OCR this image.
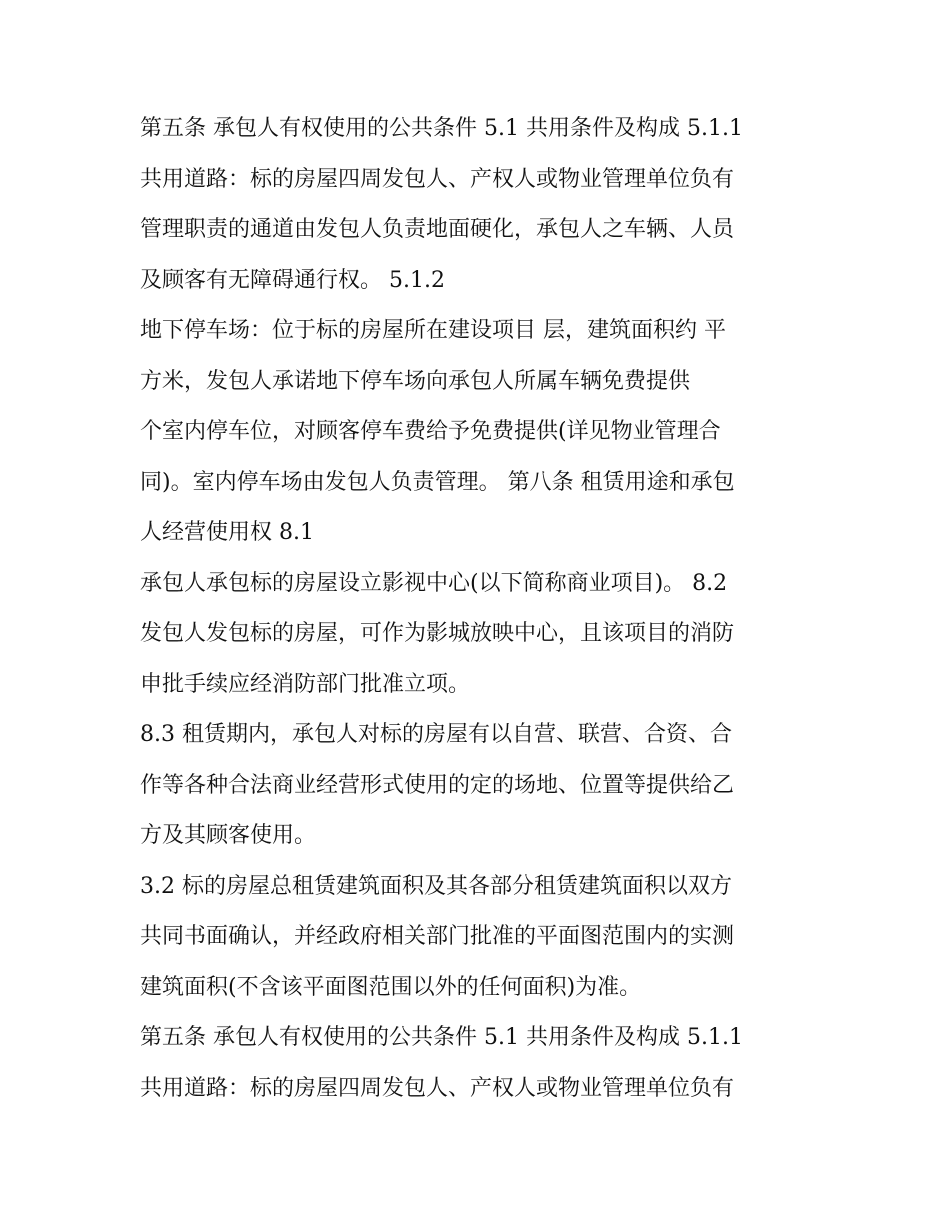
第五条 承包人有权使用的公共条件 5.1 共用条件及构成 5.1.1
共用道路：标的房屋四周发包人、产权人或物业管理单位负有
管理职责的通道由发包人负责地面硬化，承包人之车辆、人员
及顾客有无障碍通行权。 5.1.2
地下停车场：位于标的房屋所在建设项目 层，建筑面积约 平
方米，发包人承诺地下停车场向承包人所属车辆免费提供
个室内停车位，对顾客停车费给予免费提供(详见物业管理合
同)。室内停车场由发包人负责管理。 第八条 租赁用途和承包
人经营使用权 8.1
承包人承包标的房屋设立影视中心(以下简称商业项目)。 8.2
发包人发包标的房屋，可作为影城放映中心，且该项目的消防
申批手续应经消防部门批准立项。
8.3 租赁期内，承包人对标的房屋有以自营、联营、合资、合
作等各种合法商业经营形式使用的定的场地、位置等提供给乙
方及其顾客使用。
3.2 标的房屋总租赁建筑面积及其各部分租赁建筑面积以双方
共同书面确认，并经政府相关部门批准的平面图范围内的实测
建筑面积(不含该平面图范围以外的任何面积)为准。
第五条 承包人有权使用的公共条件 5.1 共用条件及构成 5.1.1
共用道路：标的房屋四周发包人、产权人或物业管理单位负有
